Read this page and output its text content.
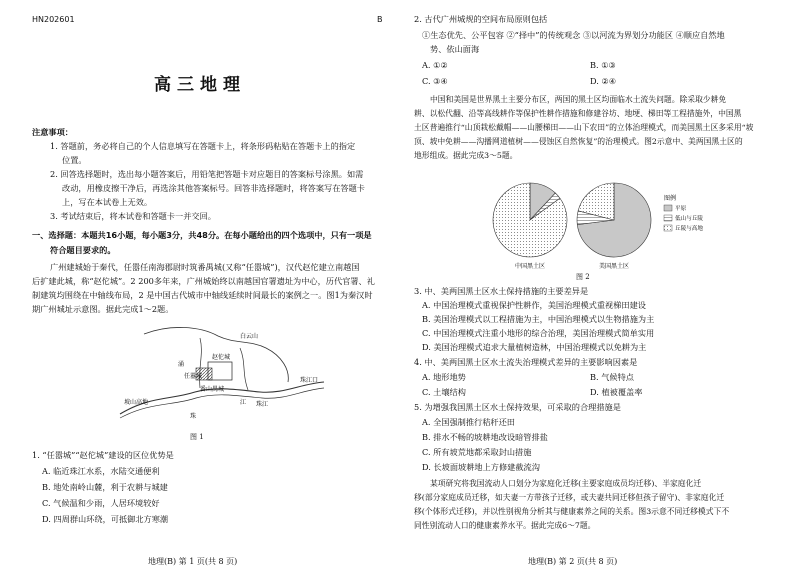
HN202601	B
高三地理
注意事项：
1. 答题前，务必将自己的个人信息填写在答题卡上，将条形码粘贴在答题卡上的指定
位置。
2. 回答选择题时，选出每小题答案后，用铅笔把答题卡对应题目的答案标号涂黑。如需
改动，用橡皮擦干净后，再选涂其他答案标号。回答非选择题时，将答案写在答题卡
上，写在本试卷上无效。
3. 考试结束后，将本试卷和答题卡一并交回。
一、选择题：本题共16小题，每小题3分，共48分。在每小题给出的四个选项中，只有一项是
符合题目要求的。
广州建城始于秦代，任嚣任南海郡尉时筑番禺城(又称“任嚣城”)，汉代赵佗建立南越国
后扩建此城，称“赵佗城”。2 200多年来，广州城始终以南越国官署遗址为中心，历代官署、礼
制建筑均围绕在中轴线布局，2 是中国古代城市中轴线延续时间最长的案例之一。图1为秦汉时
期广州城址示意图。据此完成1～2题。
白云山
任嚣城
赵佗城
番山禺城
涌
珠江
江
珠江口
坡山高地
珠
图 1
1. “任嚣城”“赵佗城”建设的区位优势是
A. 临近珠江水系，水陆交通便利
B. 地处南岭山麓，利于农耕与城建
C. 气候温和少雨，人居环境较好
D. 四周群山环绕，可抵御北方寒潮
地理(B) 第 1 页(共 8 页)
2. 古代广州城规的空间布局原则包括
①生态优先、公平包容 ②“择中”的传统观念 ③以河流为界划分功能区 ④顺应自然地
势、依山面海
A. ①②	B. ①③
C. ③④	D. ②④
中国和美国是世界黑土主要分布区，两国的黑土区均面临水土流失问题。除采取少耕免
耕、以松代翻、沿等高线耕作等保护性耕作措施和修建谷坊、地埂、梯田等工程措施外，中国黑
土区普遍推行“山顶栽松戴帽——山腰梯田——山下农田”的立体治理模式，而美国黑土区多采用“坡
顶、坡中免耕——沟播网道植树——侵蚀区自然恢复”的治理模式。图2示意中、美两国黑土区的
地形组成。据此完成3～5题。
中国黑土区	美国黑土区
图例
平原
低山与丘陵
丘陵与高地
图 2
3. 中、美两国黑土区水土保持措施的主要差异是
A. 中国治理模式重视保护性耕作，美国治理模式重视梯田建设
B. 美国治理模式以工程措施为主，中国治理模式以生物措施为主
C. 中国治理模式注重小地形的综合治理，美国治理模式简单实用
D. 美国治理模式追求大量植树造林，中国治理模式以免耕为主
4. 中、美两国黑土区水土流失治理模式差异的主要影响因素是
A. 地形地势	B. 气候特点
C. 土壤结构	D. 植被覆盖率
5. 为增强我国黑土区水土保持效果，可采取的合理措施是
A. 全国强制推行秸秆还田
B. 排水不畅的坡耕地改设暗管排盐
C. 所有坡荒地都采取封山措施
D. 长坡面坡耕地上方修建截流沟
某项研究将我国流动人口划分为家庭化迁移(主要家庭成员均迁移)、半家庭化迁
移(部分家庭成员迁移，如夫妻一方带孩子迁移，或夫妻共同迁移但孩子留守)、非家庭化迁
移(个体形式迁移)，并以性别视角分析其与健康素养之间的关系。图3示意不同迁移模式下不
同性别流动人口的健康素养水平。据此完成6～7题。
地理(B) 第 2 页(共 8 页)
